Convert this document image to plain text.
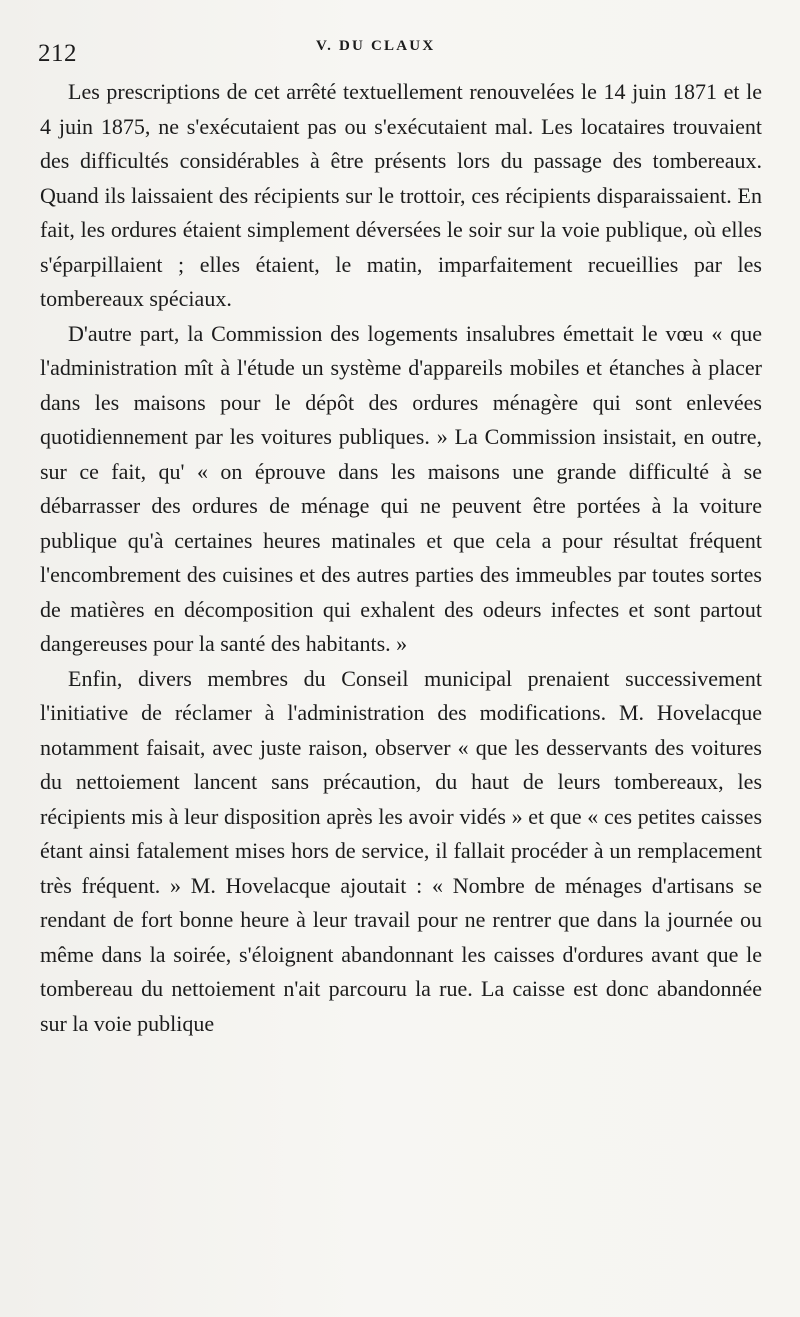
212	V. DU CLAUX

Les prescriptions de cet arrêté textuellement renouvelées le 14 juin 1871 et le 4 juin 1875, ne s'exécutaient pas ou s'exécutaient mal. Les locataires trouvaient des difficultés considérables à être présents lors du passage des tombereaux. Quand ils laissaient des récipients sur le trottoir, ces récipients disparaissaient. En fait, les ordures étaient simplement déversées le soir sur la voie publique, où elles s'éparpillaient ; elles étaient, le matin, imparfaitement recueillies par les tombereaux spéciaux.

D'autre part, la Commission des logements insalubres émettait le vœu « que l'administration mît à l'étude un système d'appareils mobiles et étanches à placer dans les maisons pour le dépôt des ordures ménagère qui sont enlevées quotidiennement par les voitures publiques. » La Commission insistait, en outre, sur ce fait, qu' « on éprouve dans les maisons une grande difficulté à se débarrasser des ordures de ménage qui ne peuvent être portées à la voiture publique qu'à certaines heures matinales et que cela a pour résultat fréquent l'encombrement des cuisines et des autres parties des immeubles par toutes sortes de matières en décomposition qui exhalent des odeurs infectes et sont partout dangereuses pour la santé des habitants. »

Enfin, divers membres du Conseil municipal prenaient successivement l'initiative de réclamer à l'administration des modifications. M. Hovelacque notamment faisait, avec juste raison, observer « que les desservants des voitures du nettoiement lancent sans précaution, du haut de leurs tombereaux, les récipients mis à leur disposition après les avoir vidés » et que « ces petites caisses étant ainsi fatalement mises hors de service, il fallait procéder à un remplacement très fréquent. » M. Hovelacque ajoutait : « Nombre de ménages d'artisans se rendant de fort bonne heure à leur travail pour ne rentrer que dans la journée ou même dans la soirée, s'éloignent abandonnant les caisses d'ordures avant que le tombereau du nettoiement n'ait parcouru la rue. La caisse est donc abandonnée sur la voie publique
